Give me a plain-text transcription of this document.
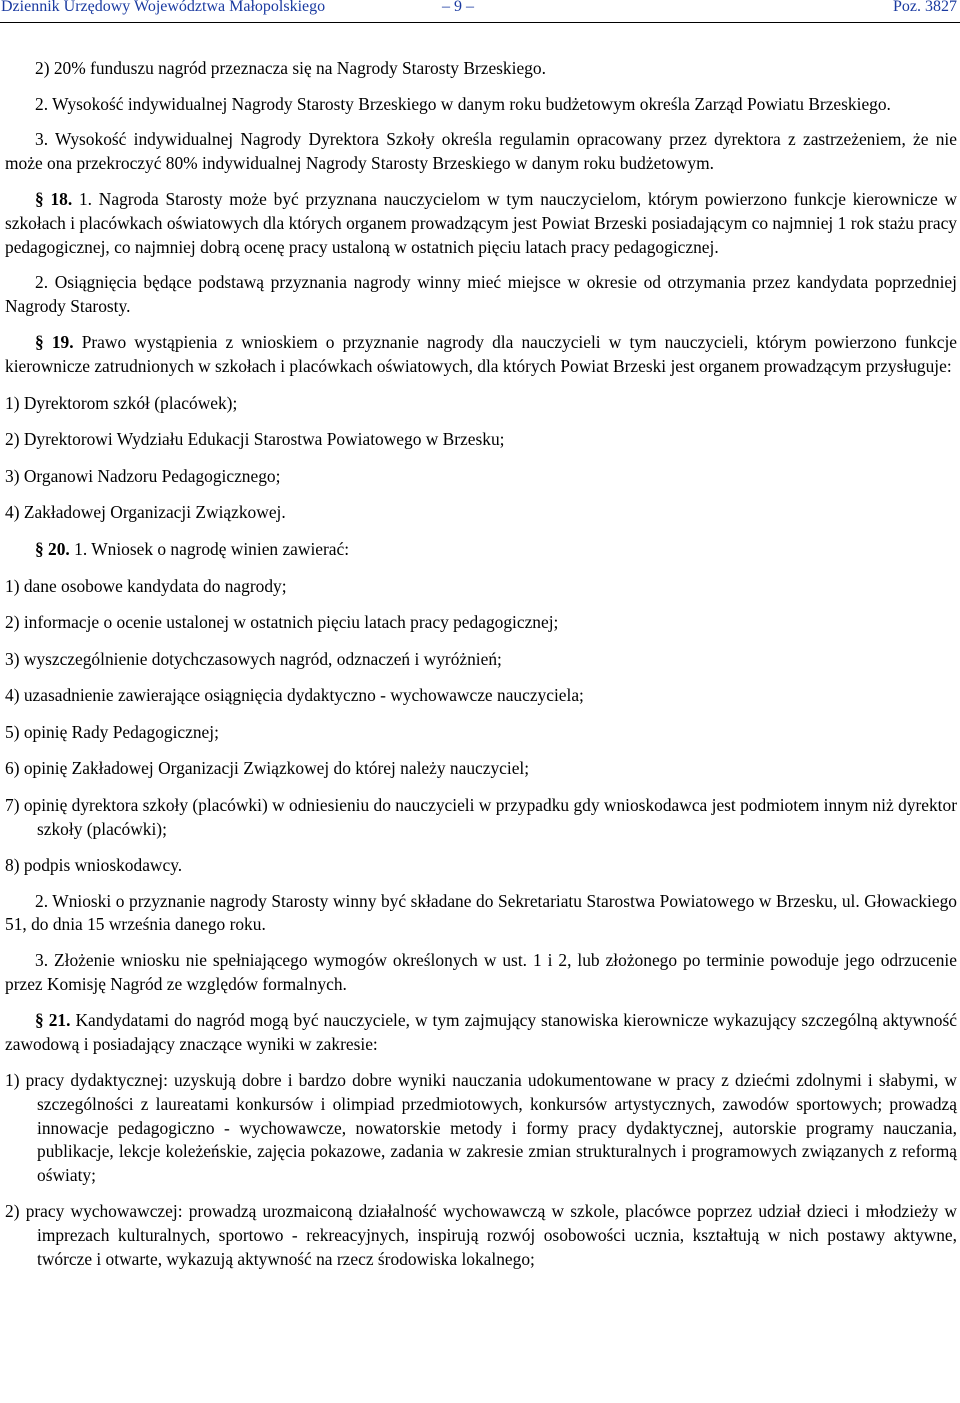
Dziennik Urzędowy Województwa Małopolskiego	– 9 –	Poz. 3827

2) 20% funduszu nagród przeznacza się na Nagrody Starosty Brzeskiego.

2. Wysokość indywidualnej Nagrody Starosty Brzeskiego w danym roku budżetowym określa Zarząd Powiatu Brzeskiego.

3. Wysokość indywidualnej Nagrody Dyrektora Szkoły określa regulamin opracowany przez dyrektora z zastrzeżeniem, że nie może ona przekroczyć 80% indywidualnej Nagrody Starosty Brzeskiego w danym roku budżetowym.

§ 18. 1. Nagroda Starosty może być przyznana nauczycielom w tym nauczycielom, którym powierzono funkcje kierownicze w szkołach i placówkach oświatowych dla których organem prowadzącym jest Powiat Brzeski posiadającym co najmniej 1 rok stażu pracy pedagogicznej, co najmniej dobrą ocenę pracy ustaloną w ostatnich pięciu latach pracy pedagogicznej.

2. Osiągnięcia będące podstawą przyznania nagrody winny mieć miejsce w okresie od otrzymania przez kandydata poprzedniej Nagrody Starosty.

§ 19. Prawo wystąpienia z wnioskiem o przyznanie nagrody dla nauczycieli w tym nauczycieli, którym powierzono funkcje kierownicze zatrudnionych w szkołach i placówkach oświatowych, dla których Powiat Brzeski jest organem prowadzącym przysługuje:

1) Dyrektorom szkół (placówek);

2) Dyrektorowi Wydziału Edukacji Starostwa Powiatowego w Brzesku;

3) Organowi Nadzoru Pedagogicznego;

4) Zakładowej Organizacji Związkowej.

§ 20. 1. Wniosek o nagrodę winien zawierać:

1) dane osobowe kandydata do nagrody;

2) informacje o ocenie ustalonej w ostatnich pięciu latach pracy pedagogicznej;

3) wyszczególnienie dotychczasowych nagród, odznaczeń i wyróżnień;

4) uzasadnienie zawierające osiągnięcia dydaktyczno - wychowawcze nauczyciela;

5) opinię Rady Pedagogicznej;

6) opinię Zakładowej Organizacji Związkowej do której należy nauczyciel;

7) opinię dyrektora szkoły (placówki) w odniesieniu do nauczycieli w przypadku gdy wnioskodawca jest podmiotem innym niż dyrektor szkoły (placówki);

8) podpis wnioskodawcy.

2. Wnioski o przyznanie nagrody Starosty winny być składane do Sekretariatu Starostwa Powiatowego w Brzesku, ul. Głowackiego 51, do dnia 15 września danego roku.

3. Złożenie wniosku nie spełniającego wymogów określonych w ust. 1 i 2, lub złożonego po terminie powoduje jego odrzucenie przez Komisję Nagród ze względów formalnych.

§ 21. Kandydatami do nagród mogą być nauczyciele, w tym zajmujący stanowiska kierownicze wykazujący szczególną aktywność zawodową i posiadający znaczące wyniki w zakresie:

1) pracy dydaktycznej: uzyskują dobre i bardzo dobre wyniki nauczania udokumentowane w pracy z dziećmi zdolnymi i słabymi, w szczególności z laureatami konkursów i olimpiad przedmiotowych, konkursów artystycznych, zawodów sportowych; prowadzą innowacje pedagogiczno - wychowawcze, nowatorskie metody i formy pracy dydaktycznej, autorskie programy nauczania, publikacje, lekcje koleżeńskie, zajęcia pokazowe, zadania w zakresie zmian strukturalnych i programowych związanych z reformą oświaty;

2) pracy wychowawczej: prowadzą urozmaiconą działalność wychowawczą w szkole, placówce poprzez udział dzieci i młodzieży w imprezach kulturalnych, sportowo - rekreacyjnych, inspirują rozwój osobowości ucznia, kształtują w nich postawy aktywne, twórcze i otwarte, wykazują aktywność na rzecz środowiska lokalnego;
